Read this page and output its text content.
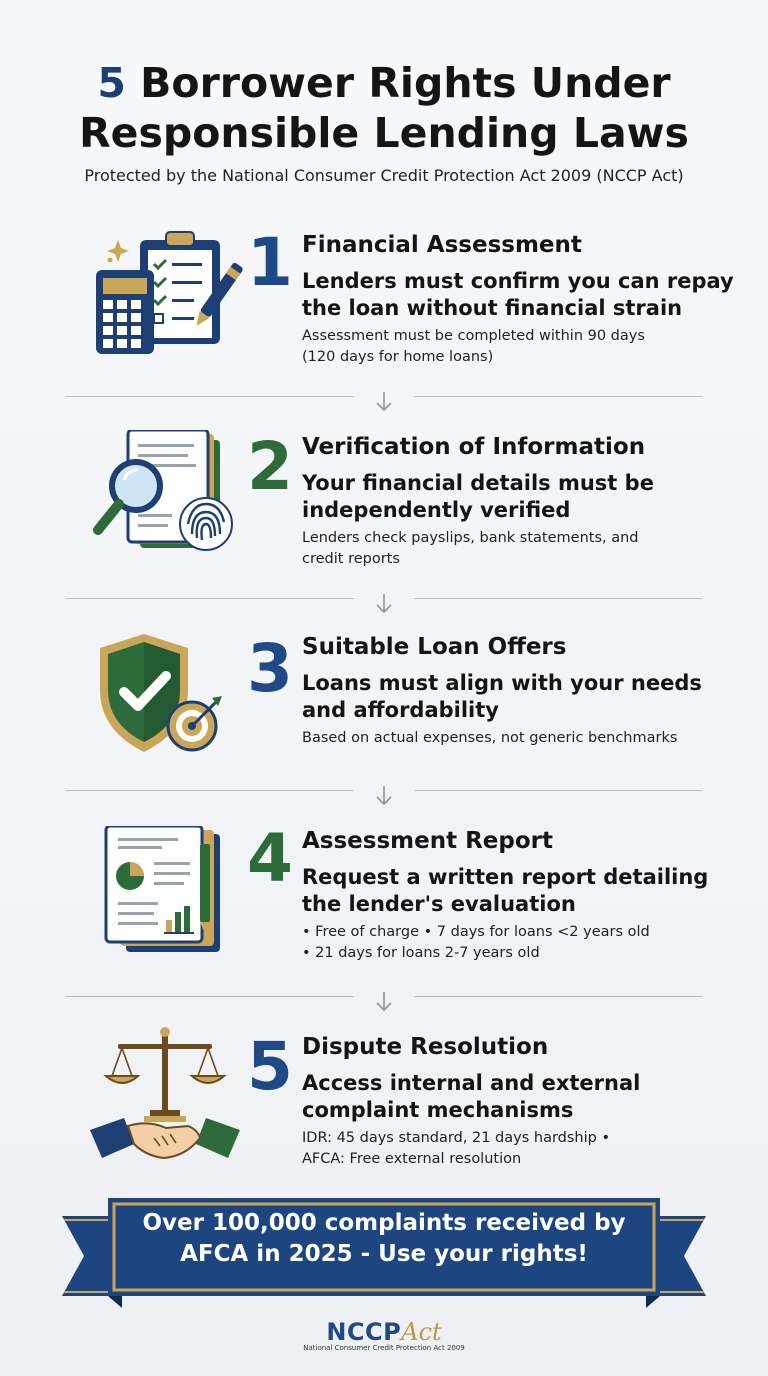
5 Borrower Rights Under
Responsible Lending Laws
Protected by the National Consumer Credit Protection Act 2009 (NCCP Act)
1 Financial Assessment
Lenders must confirm you can repay the loan without financial strain
Assessment must be completed within 90 days
(120 days for home loans)
2 Verification of Information
Your financial details must be independently verified
Lenders check payslips, bank statements, and
credit reports
3 Suitable Loan Offers
Loans must align with your needs and affordability
Based on actual expenses, not generic benchmarks
4 Assessment Report
Request a written report detailing the lender's evaluation
• Free of charge • 7 days for loans <2 years old
• 21 days for loans 2-7 years old
5 Dispute Resolution
Access internal and external complaint mechanisms
IDR: 45 days standard, 21 days hardship •
AFCA: Free external resolution
Over 100,000 complaints received by
AFCA in 2025 - Use your rights!
NCCPAct
National Consumer Credit Protection Act 2009
